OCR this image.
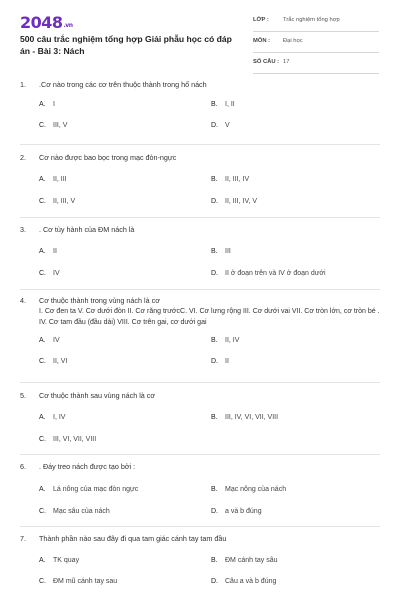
2048.vn
500 câu trắc nghiệm tổng hợp Giải phẫu học có đáp án - Bài 3: Nách
LỚP : Trắc nghiệm tổng hợp
MÔN : Đại học
SỐ CÂU : 17
1. .Cơ nào trong các cơ trên thuộc thành trong hố nách
A. I	B. I, II
C. III, V	D. V
2. Cơ nào được bao bọc trong mạc đòn-ngực
A. II, III	B. II, III, IV
C. II, III, V	D. II, III, IV, V
3. . Cơ tùy hành của ĐM nách là
A. II	B. III
C. IV	D. II ở đoạn trên và IV ở đoạn dưới
4. Cơ thuộc thành trong vùng nách là cơ
I. Cơ đen ta V. Cơ dưới đòn II. Cơ răng trướcC. VI. Cơ lưng rộng III. Cơ dưới vai VII. Cơ tròn lớn, cơ tròn bé . IV. Cơ tam đầu (đầu dài) VIII. Cơ trên gai, cơ dưới gai
A. IV	B. II, IV
C. II, VI	D. II
5. Cơ thuộc thành sau vùng nách là cơ
A. I, IV	B. III, IV, VI, VII, VIII
C. III, VI, VII, VIII
6. . Đáy treo nách được tạo bởi :
A. Lá nông của mạc đòn ngực	B. Mạc nông của nách
C. Mạc sâu của nách	D. a và b đúng
7. Thành phần nào sau đây đi qua tam giác cánh tay tam đầu
A. TK quay	B. ĐM cánh tay sâu
C. ĐM mũ cánh tay sau	D. Câu a và b đúng
